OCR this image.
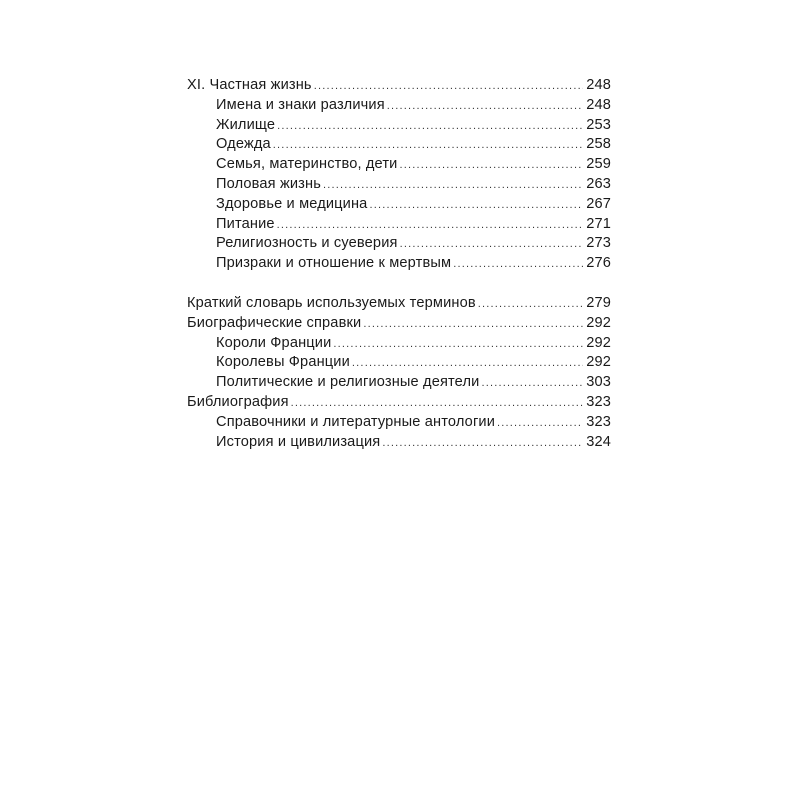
XI. Частная жизнь .....	248
Имена и знаки различия .....	248
Жилище .....	253
Одежда .....	258
Семья, материнство, дети .....	259
Половая жизнь .....	263
Здоровье и медицина .....	267
Питание .....	271
Религиозность и суеверия .....	273
Призраки и отношение к мертвым .....	276
Краткий словарь используемых терминов .....	279
Биографические справки .....	292
Короли Франции .....	292
Королевы Франции .....	292
Политические и религиозные деятели .....	303
Библиография .....	323
Справочники и литературные антологии .....	323
История и цивилизация .....	324
